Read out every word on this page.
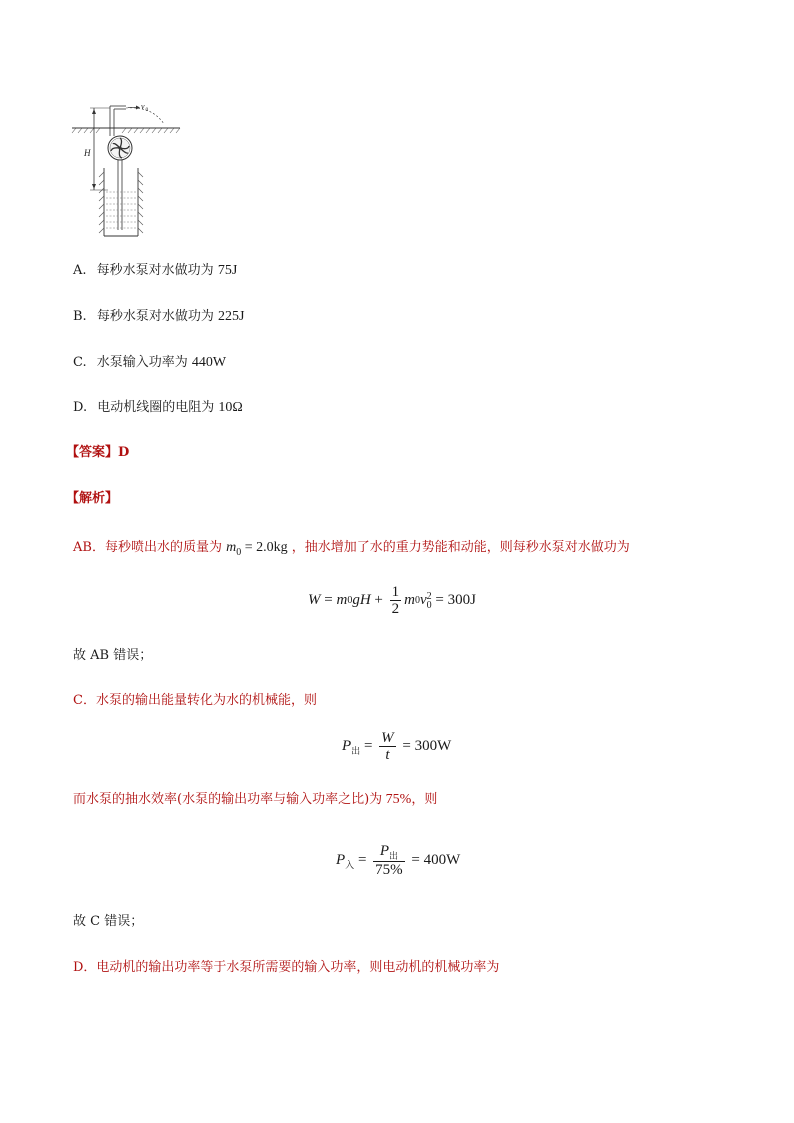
H
v 0
A. 每秒水泵对水做功为 75J
B. 每秒水泵对水做功为 225J
C. 水泵输入功率为 440W
D. 电动机线圈的电阻为 10Ω
【答案】D
【解析】
AB．每秒喷出水的质量为 $m_0 = 2.0kg$ ，抽水增加了水的重力势能和动能，则每秒水泵对水做功为
W = m 0 gH + $\frac{1}{2}$ m 0 v 2
0 = 300J
故 AB 错误；
C．水泵的输出能量转化为水的机械能，则
P 出 = $\frac{W}{t} = 300W$
而水泵的抽水效率(水泵的输出功率与输入功率之比)为 75%，则
P 入 = $\frac{P_出}{75\%} = 400W$
故 C 错误；
D．电动机的输出功率等于水泵所需要的输入功率，则电动机的机械功率为
